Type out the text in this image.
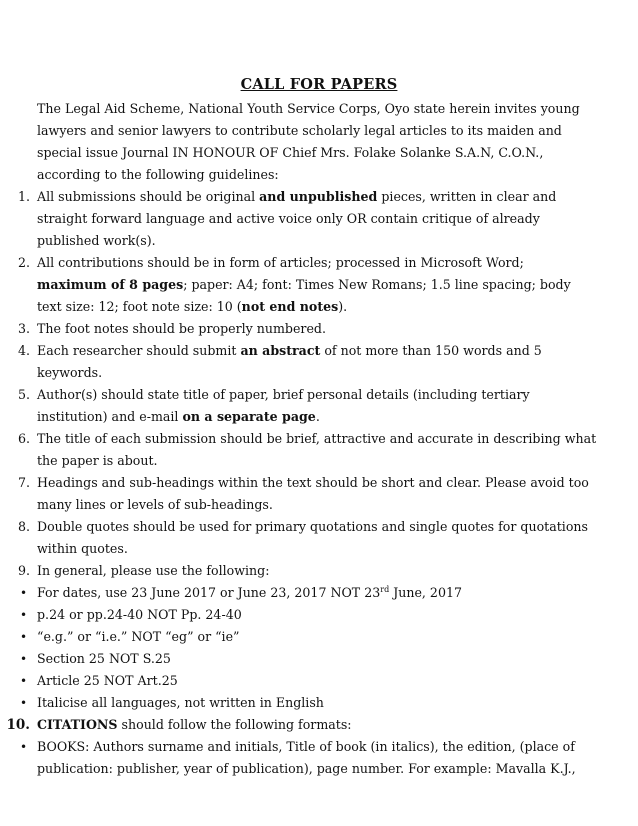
CALL FOR PAPERS
The Legal Aid Scheme, National Youth Service Corps, Oyo state herein invites young lawyers and senior lawyers to contribute scholarly legal articles to its maiden and special issue Journal IN HONOUR OF Chief Mrs. Folake Solanke S.A.N, C.O.N., according to the following guidelines:
1. All submissions should be original and unpublished pieces, written in clear and straight forward language and active voice only OR contain critique of already published work(s).
2. All contributions should be in form of articles; processed in Microsoft Word; maximum of 8 pages; paper: A4; font: Times New Romans; 1.5 line spacing; body text size: 12; foot note size: 10 (not end notes).
3. The foot notes should be properly numbered.
4. Each researcher should submit an abstract of not more than 150 words and 5 keywords.
5. Author(s) should state title of paper, brief personal details (including tertiary institution) and e-mail on a separate page.
6. The title of each submission should be brief, attractive and accurate in describing what the paper is about.
7. Headings and sub-headings within the text should be short and clear. Please avoid too many lines or levels of sub-headings.
8. Double quotes should be used for primary quotations and single quotes for quotations within quotes.
9. In general, please use the following:
• For dates, use 23 June 2017 or June 23, 2017 NOT 23rd June, 2017
• p.24 or pp.24-40 NOT Pp. 24-40
• “e.g.” or “i.e.” NOT “eg” or “ie”
• Section 25 NOT S.25
• Article 25 NOT Art.25
• Italicise all languages, not written in English
10. CITATIONS should follow the following formats:
• BOOKS: Authors surname and initials, Title of book (in italics), the edition, (place of publication: publisher, year of publication), page number. For example: Mavalla K.J.,
